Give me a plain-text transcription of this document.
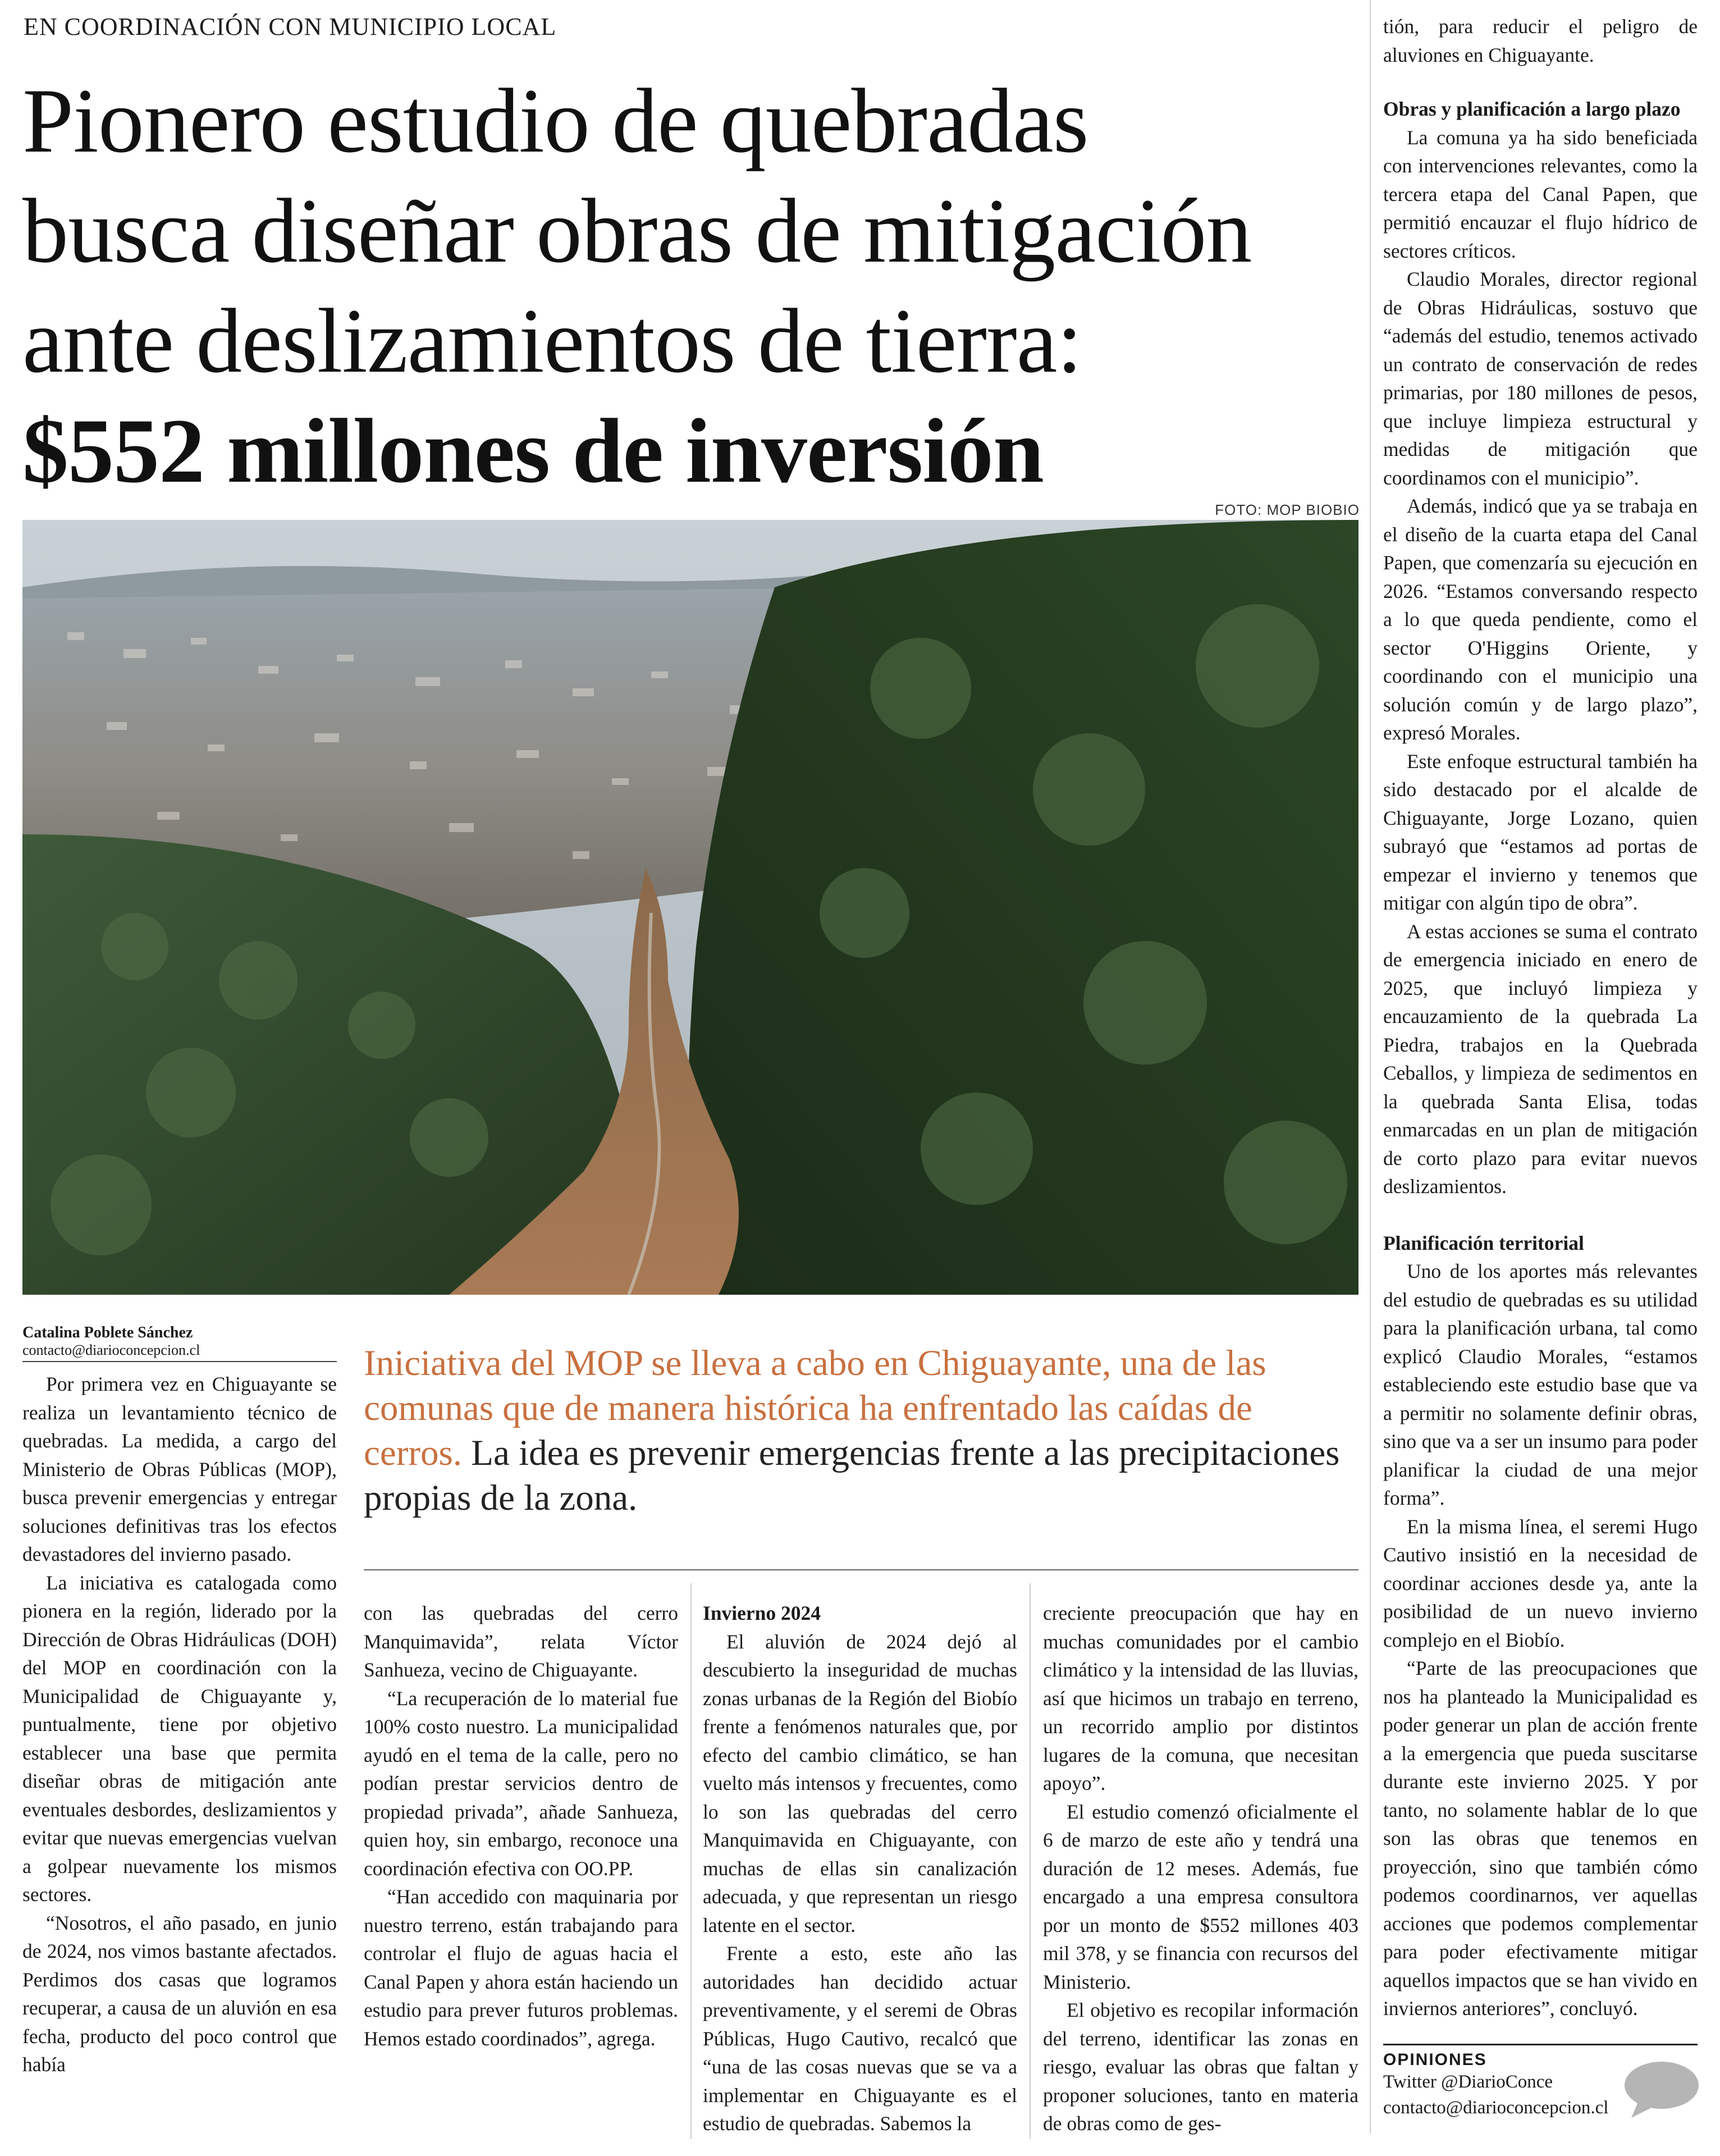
EN COORDINACIÓN CON MUNICIPIO LOCAL
Pionero estudio de quebradas
busca diseñar obras de mitigación
ante deslizamientos de tierra:
$552 millones de inversión
FOTO: MOP BIOBIO
Catalina Poblete Sánchez
contacto@diarioconcepcion.cl	Iniciativa del MOP se lleva a cabo en Chiguayante, una de las comunas que de manera histórica ha enfrentado las caídas de cerros. La idea es prevenir emergencias frente a las precipitaciones propias de la zona.

Por primera vez en Chiguayante se realiza un levantamiento técnico de quebradas. La medida, a cargo del Ministerio de Obras Públicas (MOP), busca prevenir emergencias y entregar soluciones definitivas tras los efectos devastadores del invierno pasado.

La iniciativa es catalogada como pionera en la región, liderado por la Dirección de Obras Hidráulicas (DOH) del MOP en coordinación con la Municipalidad de Chiguayante y, puntualmente, tiene por objetivo establecer una base que permita diseñar obras de mitigación ante eventuales desbordes, deslizamientos y evitar que nuevas emergencias vuelvan a golpear nuevamente los mismos sectores.

“Nosotros, el año pasado, en junio de 2024, nos vimos bastante afectados. Perdimos dos casas que logramos recuperar, a causa de un aluvión en esa fecha, producto del poco control que había

con las quebradas del cerro Manquimavida”, relata Víctor Sanhueza, vecino de Chiguayante.

“La recuperación de lo material fue 100% costo nuestro. La municipalidad ayudó en el tema de la calle, pero no podían prestar servicios dentro de propiedad privada”, añade Sanhueza, quien hoy, sin embargo, reconoce una coordinación efectiva con OO.PP.

“Han accedido con maquinaria por nuestro terreno, están trabajando para controlar el flujo de aguas hacia el Canal Papen y ahora están haciendo un estudio para prever futuros problemas. Hemos estado coordinados”, agrega.

Invierno 2024

El aluvión de 2024 dejó al descubierto la inseguridad de muchas zonas urbanas de la Región del Biobío frente a fenómenos naturales que, por efecto del cambio climático, se han vuelto más intensos y frecuentes, como lo son las quebradas del cerro Manquimavida en Chiguayante, con muchas de ellas sin canalización adecuada, y que representan un riesgo latente en el sector.

Frente a esto, este año las autoridades han decidido actuar preventivamente, y el seremi de Obras Públicas, Hugo Cautivo, recalcó que “una de las cosas nuevas que se va a implementar en Chiguayante es el estudio de quebradas. Sabemos la

creciente preocupación que hay en muchas comunidades por el cambio climático y la intensidad de las lluvias, así que hicimos un trabajo en terreno, un recorrido amplio por distintos lugares de la comuna, que necesitan apoyo”.

El estudio comenzó oficialmente el 6 de marzo de este año y tendrá una duración de 12 meses. Además, fue encargado a una empresa consultora por un monto de $552 millones 403 mil 378, y se financia con recursos del Ministerio.

El objetivo es recopilar información del terreno, identificar las zonas en riesgo, evaluar las obras que faltan y proponer soluciones, tanto en materia de obras como de ges-

tión, para reducir el peligro de aluviones en Chiguayante.

Obras y planificación a largo plazo

La comuna ya ha sido beneficiada con intervenciones relevantes, como la tercera etapa del Canal Papen, que permitió encauzar el flujo hídrico de sectores críticos.

Claudio Morales, director regional de Obras Hidráulicas, sostuvo que “además del estudio, tenemos activado un contrato de conservación de redes primarias, por 180 millones de pesos, que incluye limpieza estructural y medidas de mitigación que coordinamos con el municipio”.

Además, indicó que ya se trabaja en el diseño de la cuarta etapa del Canal Papen, que comenzaría su ejecución en 2026. “Estamos conversando respecto a lo que queda pendiente, como el sector O'Higgins Oriente, y coordinando con el municipio una solución común y de largo plazo”, expresó Morales.

Este enfoque estructural también ha sido destacado por el alcalde de Chiguayante, Jorge Lozano, quien subrayó que “estamos ad portas de empezar el invierno y tenemos que mitigar con algún tipo de obra”.

A estas acciones se suma el contrato de emergencia iniciado en enero de 2025, que incluyó limpieza y encauzamiento de la quebrada La Piedra, trabajos en la Quebrada Ceballos, y limpieza de sedimentos en la quebrada Santa Elisa, todas enmarcadas en un plan de mitigación de corto plazo para evitar nuevos deslizamientos.

Planificación territorial

Uno de los aportes más relevantes del estudio de quebradas es su utilidad para la planificación urbana, tal como explicó Claudio Morales, “estamos estableciendo este estudio base que va a permitir no solamente definir obras, sino que va a ser un insumo para poder planificar la ciudad de una mejor forma”.

En la misma línea, el seremi Hugo Cautivo insistió en la necesidad de coordinar acciones desde ya, ante la posibilidad de un nuevo invierno complejo en el Biobío.

“Parte de las preocupaciones que nos ha planteado la Municipalidad es poder generar un plan de acción frente a la emergencia que pueda suscitarse durante este invierno 2025. Y por tanto, no solamente hablar de lo que son las obras que tenemos en proyección, sino que también cómo podemos coordinarnos, ver aquellas acciones que podemos complementar para poder efectivamente mitigar aquellos impactos que se han vivido en inviernos anteriores”, concluyó.

OPINIONES
Twitter @DiarioConce
contacto@diarioconcepcion.cl
